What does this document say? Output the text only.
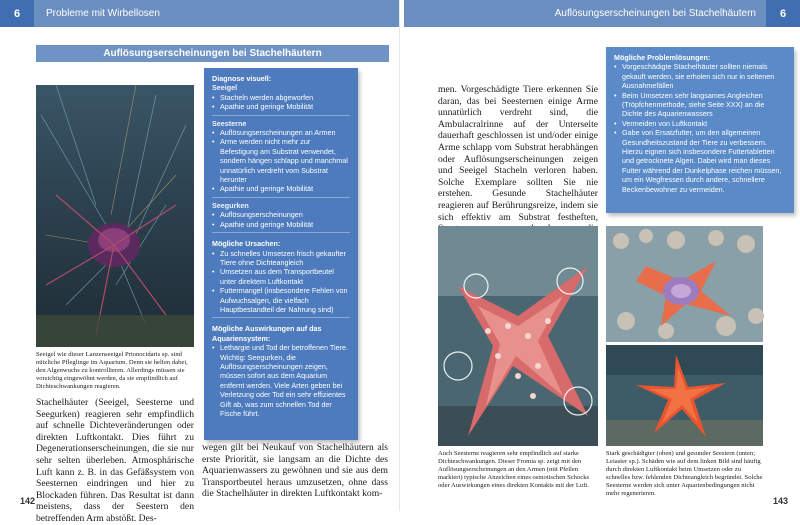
6	Probleme mit Wirbellosen
Auflösungserscheinungen bei Stachelhäutern
Seeigel wie dieser Lanzenseeigel Prionocidaris sp. sind nützliche Pfleglinge im Aquarium. Denn sie helfen dabei, den Algenwuchs zu kontrollieren. Allerdings müssen sie vorsichtig eingewöhnt werden, da sie empfindlich auf Dichteschwankungen reagieren.
Stachelhäuter (Seeigel, Seesterne und Seegurken) reagieren sehr empfindlich auf schnelle Dichteveränderungen oder direkten Luftkontakt. Dies führt zu Degenerationserscheinungen, die sie nur sehr selten überleben. Atmosphärische Luft kann z. B. in das Gefäßsystem von Seesternen eindringen und hier zu Blockaden führen. Das Resultat ist dann meistens, dass der Seestern den betreffenden Arm abstößt. Des-
wegen gilt bei Neukauf von Stachelhäutern als erste Priorität, sie langsam an die Dichte des Aquarienwassers zu gewöhnen und sie aus dem Transportbeutel heraus umzusetzen, ohne dass die Stachelhäuter in direkten Luftkontakt kom-
Diagnose visuell:
Seeigel
• Stacheln werden abgeworfen
• Apathie und geringe Mobilität
Seesterne
• Auflösungserscheinungen an Armen
• Arme werden nicht mehr zur Befestigung am Substrat verwendet, sondern hängen schlapp und manchmal unnatürlich verdreht vom Substrat herunter
• Apathie und geringe Mobilität
Seegurken
• Auflösungserscheinungen
• Apathie und geringe Mobilität
Mögliche Ursachen:
• Zu schnelles Umsetzen frisch gekaufter Tiere ohne Dichteangleich
• Umsetzen aus dem Transportbeutel unter direktem Luftkontakt
• Futtermangel (insbesondere Fehlen von Aufwuchsalgen, die vielfach Hauptbestandteil der Nahrung sind)
Mögliche Auswirkungen auf das Aquariensystem:
• Lethargie und Tod der betroffenen Tiere. Wichtig: Seegurken, die Auflösungserscheinungen zeigen, müssen sofort aus dem Aquarium entfernt werden. Viele Arten geben bei Verletzung oder Tod ein sehr effizientes Gift ab, was zum schnellen Tod der Fische führt.
142
Auflösungserscheinungen bei Stachelhäutern	6
men. Vorgeschädigte Tiere erkennen Sie daran, das bei Seesternen einige Arme unnatürlich verdreht sind, die Ambulacralrinne auf der Unterseite dauerhaft geschlossen ist und/oder einige Arme schlapp vom Substrat herabhängen oder Auflösungserscheinungen zeigen und Seeigel Stacheln verloren haben. Solche Exemplare sollten Sie nie erstehen. Gesunde Stachelhäuter reagieren auf Berührungsreize, indem sie sich effektiv am Substrat festheften,
Mögliche Problemlösungen:
• Vorgeschädigte Stachelhäuter sollten niemals gekauft werden, sie erholen sich nur in seltenen Ausnahmefällen
• Beim Umsetzen sehr langsames Angleichen (Tröpfchenmethode, siehe Seite XXX) an die Dichte des Aquarienwassers
• Vermeiden von Luftkontakt
• Gabe von Ersatzfutter, um den allgemeinen Gesundheitszustand der Tiere zu verbessern. Hierzu eignen sich insbesondere Futtertabletten und getrocknete Algen. Dabei wird man dieses Futter während der Dunkelphase reichen müssen, um ein Wegfressen durch andere, schnellere Beckenbewohner zu vermeiden.
Auch Seesterne reagieren sehr empfindlich auf starke Dichteschwankungen. Dieser Fromia sp. zeigt mit den Auflösungserscheinungen an den Armen (mit Pfeilen markiert) typische Anzeichen eines osmotischen Schocks oder Auswirkungen eines direkten Kontakts mit der Luft.
Stark geschädigter (oben) und gesunder Seestern (unten; Leiaster sp.). Schäden wie auf dem linken Bild sind häufig durch direkten Luftkontakt beim Umsetzen oder zu schnelles bzw. fehlenden Dichteangleich begründet. Solche Seesterne werden sich unter Aquarienbedingungen nicht mehr regenerieren.
143
